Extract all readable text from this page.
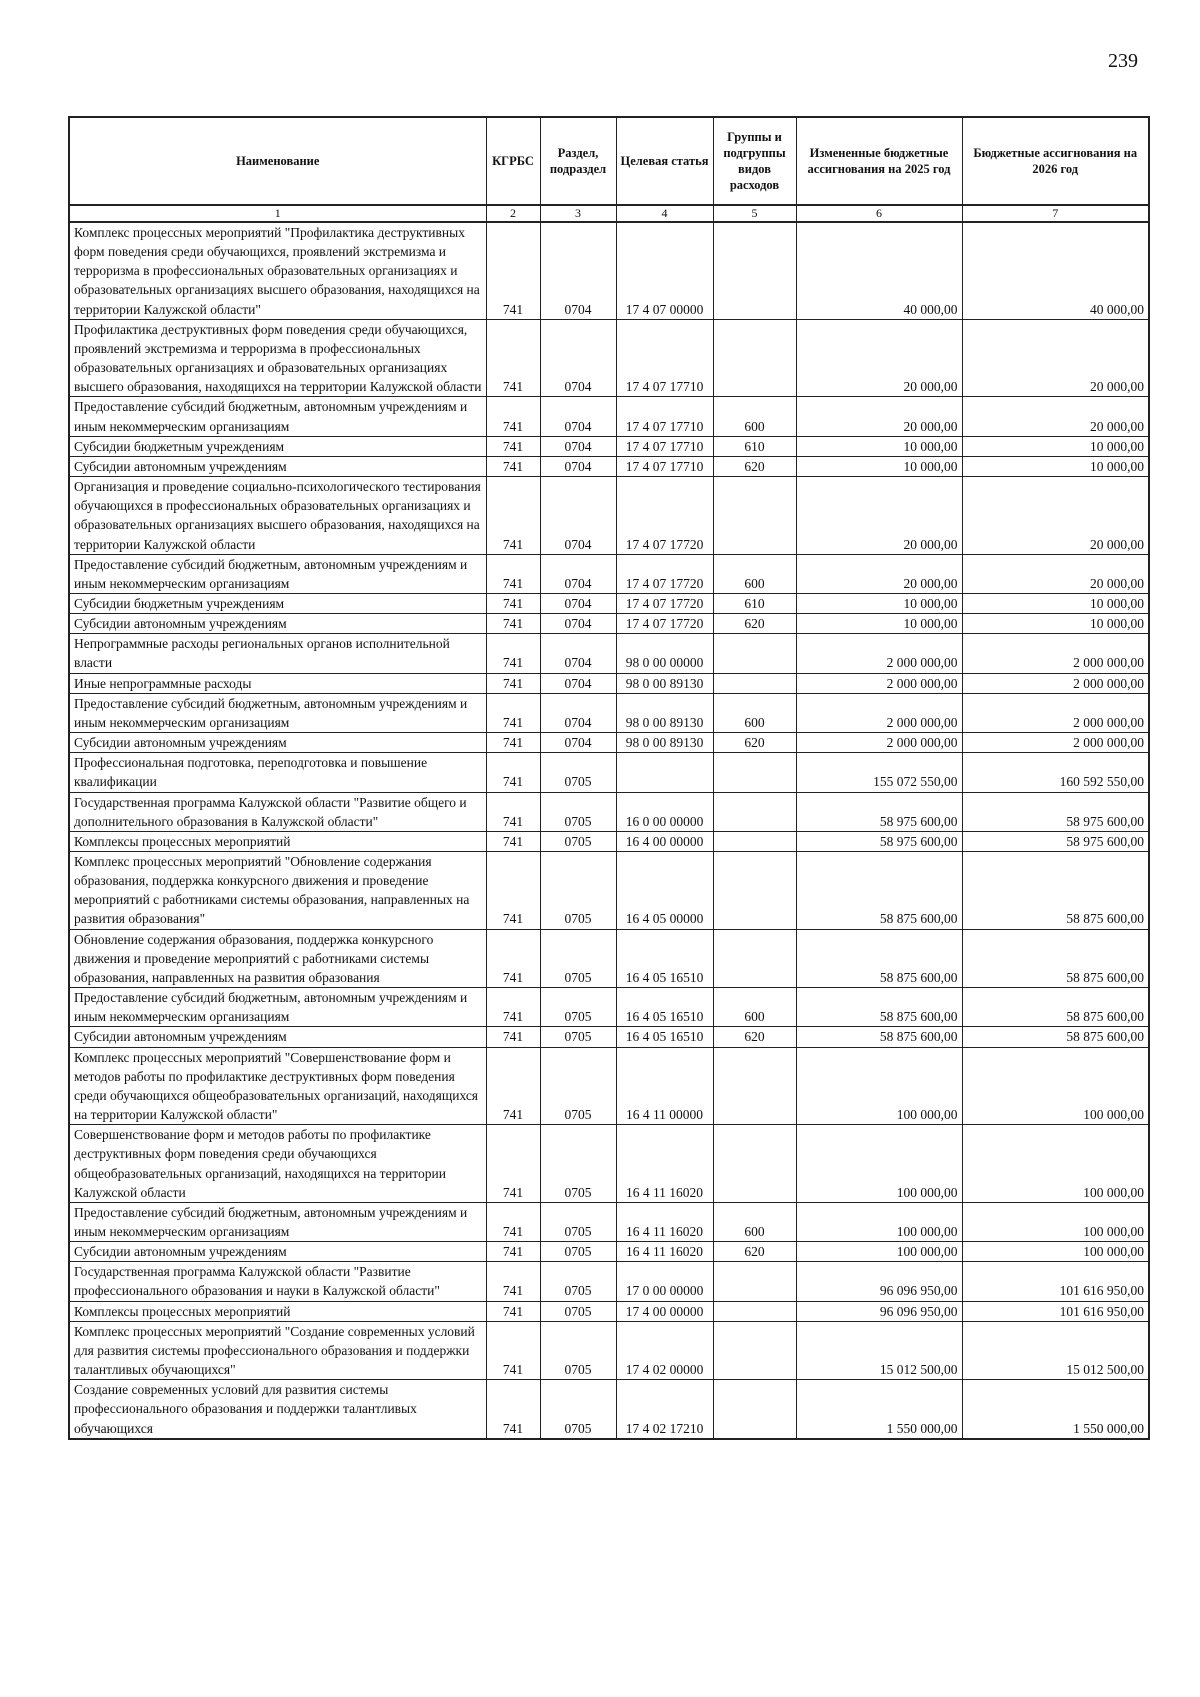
239
Наименование	КГРБС	Раздел, подраздел	Целевая статья	Группы и подгруппы видов расходов	Измененные бюджетные ассигнования на 2025 год	Бюджетные ассигнования на 2026 год
1	2	3	4	5	6	7
Комплекс процессных мероприятий "Профилактика деструктивных форм поведения среди обучающихся, проявлений экстремизма и терроризма в профессиональных образовательных организациях и образовательных организациях высшего образования, находящихся на территории Калужской области"	741	0704	17 4 07 00000		40 000,00	40 000,00
Профилактика деструктивных форм поведения среди обучающихся, проявлений экстремизма и терроризма в профессиональных образовательных организациях и образовательных организациях высшего образования, находящихся на территории Калужской области	741	0704	17 4 07 17710		20 000,00	20 000,00
Предоставление субсидий бюджетным, автономным учреждениям и иным некоммерческим организациям	741	0704	17 4 07 17710	600	20 000,00	20 000,00
Субсидии бюджетным учреждениям	741	0704	17 4 07 17710	610	10 000,00	10 000,00
Субсидии автономным учреждениям	741	0704	17 4 07 17710	620	10 000,00	10 000,00
Организация и проведение социально-психологического тестирования обучающихся в профессиональных образовательных организациях и образовательных организациях высшего образования, находящихся на территории Калужской области	741	0704	17 4 07 17720		20 000,00	20 000,00
Предоставление субсидий бюджетным, автономным учреждениям и иным некоммерческим организациям	741	0704	17 4 07 17720	600	20 000,00	20 000,00
Субсидии бюджетным учреждениям	741	0704	17 4 07 17720	610	10 000,00	10 000,00
Субсидии автономным учреждениям	741	0704	17 4 07 17720	620	10 000,00	10 000,00
Непрограммные расходы региональных органов исполнительной власти	741	0704	98 0 00 00000		2 000 000,00	2 000 000,00
Иные непрограммные расходы	741	0704	98 0 00 89130		2 000 000,00	2 000 000,00
Предоставление субсидий бюджетным, автономным учреждениям и иным некоммерческим организациям	741	0704	98 0 00 89130	600	2 000 000,00	2 000 000,00
Субсидии автономным учреждениям	741	0704	98 0 00 89130	620	2 000 000,00	2 000 000,00
Профессиональная подготовка, переподготовка и повышение квалификации	741	0705			155 072 550,00	160 592 550,00
Государственная программа Калужской области "Развитие общего и дополнительного образования в Калужской области"	741	0705	16 0 00 00000		58 975 600,00	58 975 600,00
Комплексы процессных мероприятий	741	0705	16 4 00 00000		58 975 600,00	58 975 600,00
Комплекс процессных мероприятий "Обновление содержания образования, поддержка конкурсного движения и проведение мероприятий с работниками системы образования, направленных на развития образования"	741	0705	16 4 05 00000		58 875 600,00	58 875 600,00
Обновление содержания образования, поддержка конкурсного движения и проведение мероприятий с работниками системы образования, направленных на развития образования	741	0705	16 4 05 16510		58 875 600,00	58 875 600,00
Предоставление субсидий бюджетным, автономным учреждениям и иным некоммерческим организациям	741	0705	16 4 05 16510	600	58 875 600,00	58 875 600,00
Субсидии автономным учреждениям	741	0705	16 4 05 16510	620	58 875 600,00	58 875 600,00
Комплекс процессных мероприятий "Совершенствование форм и методов работы по профилактике деструктивных форм поведения среди обучающихся общеобразовательных организаций, находящихся на территории Калужской области"	741	0705	16 4 11 00000		100 000,00	100 000,00
Совершенствование форм и методов работы по профилактике деструктивных форм поведения среди обучающихся общеобразовательных организаций, находящихся на территории Калужской области	741	0705	16 4 11 16020		100 000,00	100 000,00
Предоставление субсидий бюджетным, автономным учреждениям и иным некоммерческим организациям	741	0705	16 4 11 16020	600	100 000,00	100 000,00
Субсидии автономным учреждениям	741	0705	16 4 11 16020	620	100 000,00	100 000,00
Государственная программа Калужской области "Развитие профессионального образования и науки в Калужской области"	741	0705	17 0 00 00000		96 096 950,00	101 616 950,00
Комплексы процессных мероприятий	741	0705	17 4 00 00000		96 096 950,00	101 616 950,00
Комплекс процессных мероприятий "Создание современных условий для развития системы профессионального образования и поддержки талантливых обучающихся"	741	0705	17 4 02 00000		15 012 500,00	15 012 500,00
Создание современных условий для развития системы профессионального образования и поддержки талантливых обучающихся	741	0705	17 4 02 17210		1 550 000,00	1 550 000,00
